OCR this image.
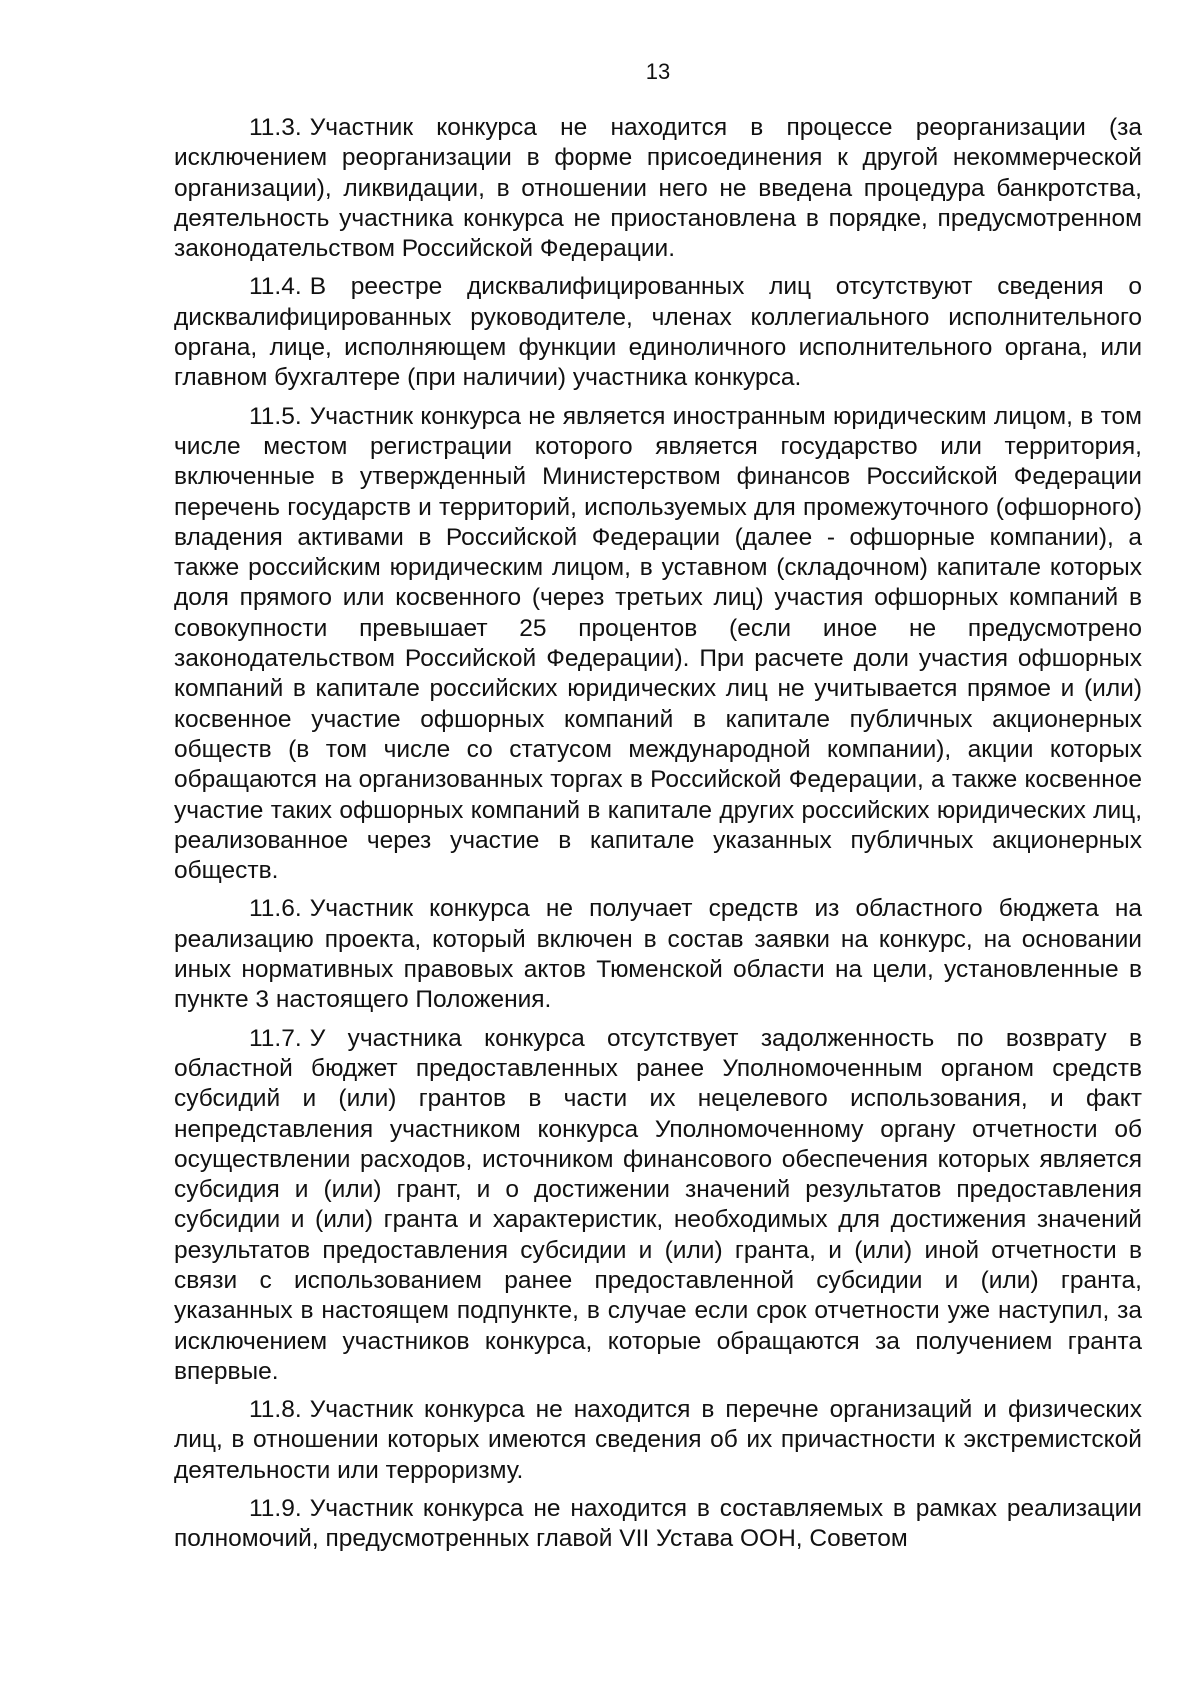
13

11.3. Участник конкурса не находится в процессе реорганизации (за исключением реорганизации в форме присоединения к другой некоммерческой организации), ликвидации, в отношении него не введена процедура банкротства, деятельность участника конкурса не приостановлена в порядке, предусмотренном законодательством Российской Федерации.

11.4. В реестре дисквалифицированных лиц отсутствуют сведения о дисквалифицированных руководителе, членах коллегиального исполнительного органа, лице, исполняющем функции единоличного исполнительного органа, или главном бухгалтере (при наличии) участника конкурса.

11.5. Участник конкурса не является иностранным юридическим лицом, в том числе местом регистрации которого является государство или территория, включенные в утвержденный Министерством финансов Российской Федерации перечень государств и территорий, используемых для промежуточного (офшорного) владения активами в Российской Федерации (далее - офшорные компании), а также российским юридическим лицом, в уставном (складочном) капитале которых доля прямого или косвенного (через третьих лиц) участия офшорных компаний в совокупности превышает 25 процентов (если иное не предусмотрено законодательством Российской Федерации). При расчете доли участия офшорных компаний в капитале российских юридических лиц не учитывается прямое и (или) косвенное участие офшорных компаний в капитале публичных акционерных обществ (в том числе со статусом международной компании), акции которых обращаются на организованных торгах в Российской Федерации, а также косвенное участие таких офшорных компаний в капитале других российских юридических лиц, реализованное через участие в капитале указанных публичных акционерных обществ.

11.6. Участник конкурса не получает средств из областного бюджета на реализацию проекта, который включен в состав заявки на конкурс, на основании иных нормативных правовых актов Тюменской области на цели, установленные в пункте 3 настоящего Положения.

11.7. У участника конкурса отсутствует задолженность по возврату в областной бюджет предоставленных ранее Уполномоченным органом средств субсидий и (или) грантов в части их нецелевого использования, и факт непредставления участником конкурса Уполномоченному органу отчетности об осуществлении расходов, источником финансового обеспечения которых является субсидия и (или) грант, и о достижении значений результатов предоставления субсидии и (или) гранта и характеристик, необходимых для достижения значений результатов предоставления субсидии и (или) гранта, и (или) иной отчетности в связи с использованием ранее предоставленной субсидии и (или) гранта, указанных в настоящем подпункте, в случае если срок отчетности уже наступил, за исключением участников конкурса, которые обращаются за получением гранта впервые.

11.8. Участник конкурса не находится в перечне организаций и физических лиц, в отношении которых имеются сведения об их причастности к экстремистской деятельности или терроризму.

11.9. Участник конкурса не находится в составляемых в рамках реализации полномочий, предусмотренных главой VII Устава ООН, Советом
